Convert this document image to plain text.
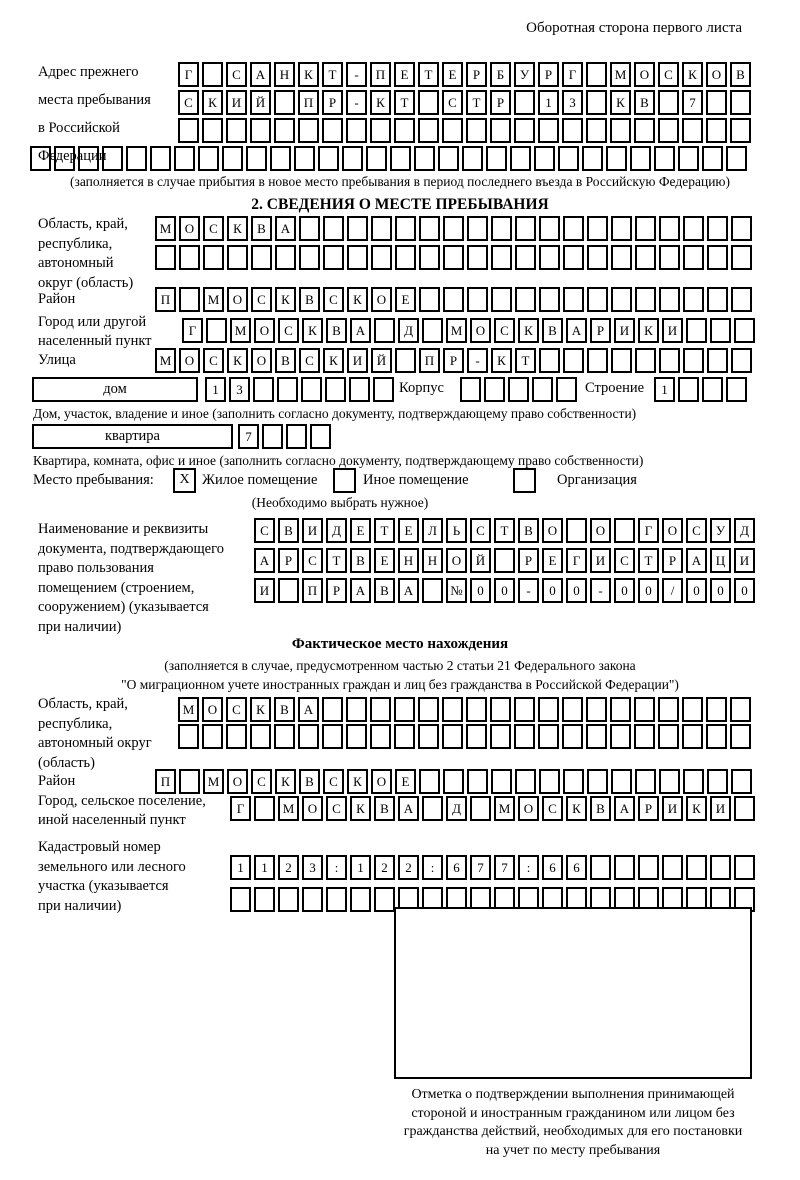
Оборотная сторона первого листа
Адрес прежнего
места пребывания
в Российской
Федерации
Г	С	А	Н	К	Т	-	П	Е	Т	Е	Р	Б	У	Р	Г	М	О	С	К	О	В
С	К	И	Й	П	Р	-	К	Т	С	Т	Р	1	3	К	В	7
(заполняется в случае прибытия в новое место пребывания в период последнего въезда в Российскую Федерацию)
2. СВЕДЕНИЯ О МЕСТЕ ПРЕБЫВАНИЯ
Область, край,
республика,
автономный
округ (область)
М	О	С	К	В	А
Район	П	М	О	С	К	В	С	К	О	Е
Город или другой
населенный пункт
Г	М	О	С	К	В	А	Д	М	О	С	К	В	А	Р	И	К	И
Улица	М	О	С	К	О	В	С	К	И	Й	П	Р	-	К	Т
дом	1	3	Корпус	Строение	1
Дом, участок, владение и иное (заполнить согласно документу, подтверждающему право собственности)
квартира	7
Квартира, комната, офис и иное (заполнить согласно документу, подтверждающему право собственности)
Место пребывания:	X Жилое помещение	Иное помещение	Организация
(Необходимо выбрать нужное)
Наименование и реквизиты
документа, подтверждающего
право пользования
помещением (строением,
сооружением) (указывается
при наличии)
С	В	И	Д	Е	Т	Е	Л	Ь	С	Т	В	О	О	Г	О	С	У	Д
А	Р	С	Т	В	Е	Н	Н	О	Й	Р	Е	Г	И	С	Т	Р	А	Ц	И
И	П	Р	А	В	А	№	0	0	-	0	0	-	0	0	/	0	0	0
Фактическое место нахождения
(заполняется в случае, предусмотренном частью 2 статьи 21 Федерального закона
"О миграционном учете иностранных граждан и лиц без гражданства в Российской Федерации")
Область, край,
республика,
автономный округ
(область)
М	О	С	К	В	А
Район	П	М	О	С	К	В	С	К	О	Е
Город, сельское поселение,
иной населенный пункт
Г	М	О	С	К	В	А	Д	М	О	С	К	В	А	Р	И	К	И
Кадастровый номер
земельного или лесного
участка (указывается
при наличии)
1	1	2	3	:	1	2	2	:	6	7	7	:	6	6
Отметка о подтверждении выполнения принимающей
стороной и иностранным гражданином или лицом без
гражданства действий, необходимых для его постановки
на учет по месту пребывания
